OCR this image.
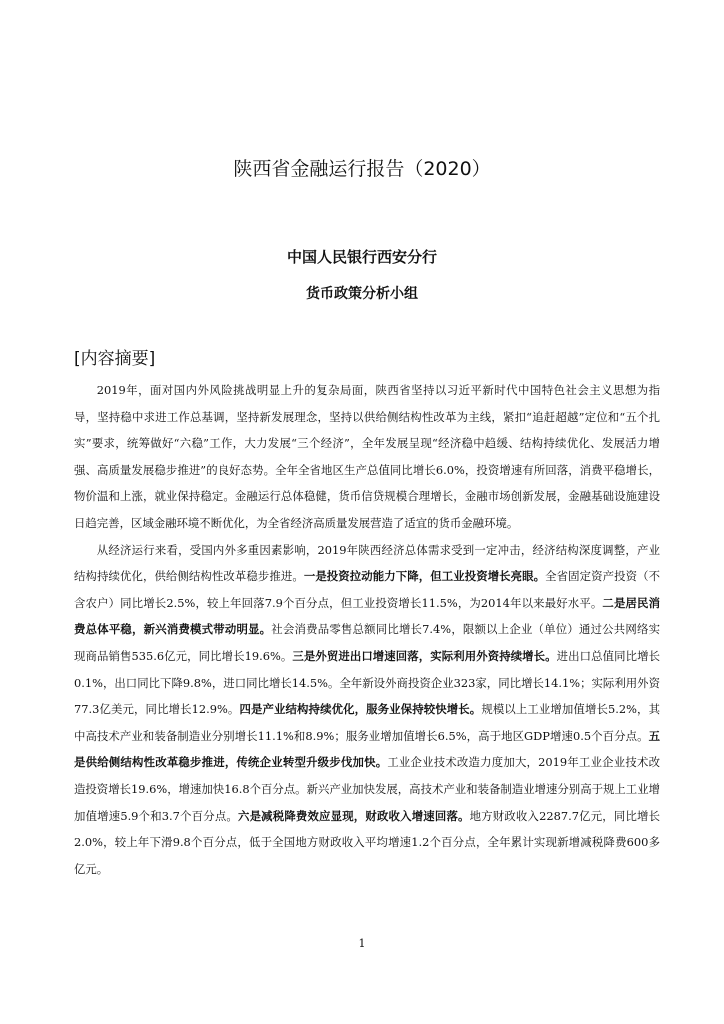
陕西省金融运行报告（2020）

中国人民银行西安分行

货币政策分析小组

[内容摘要]

2019年，面对国内外风险挑战明显上升的复杂局面，陕西省坚持以习近平新时代中国特色社会主义思想为指导，坚持稳中求进工作总基调，坚持新发展理念，坚持以供给侧结构性改革为主线，紧扣“追赶超越”定位和“五个扎实”要求，统筹做好“六稳”工作，大力发展“三个经济”，全年发展呈现“经济稳中趋缓、结构持续优化、发展活力增强、高质量发展稳步推进”的良好态势。全年全省地区生产总值同比增长6.0%，投资增速有所回落，消费平稳增长，物价温和上涨，就业保持稳定。金融运行总体稳健，货币信贷规模合理增长，金融市场创新发展，金融基础设施建设日趋完善，区域金融环境不断优化，为全省经济高质量发展营造了适宜的货币金融环境。

从经济运行来看，受国内外多重因素影响，2019年陕西经济总体需求受到一定冲击，经济结构深度调整，产业结构持续优化，供给侧结构性改革稳步推进。一是投资拉动能力下降，但工业投资增长亮眼。全省固定资产投资（不含农户）同比增长2.5%，较上年回落7.9个百分点，但工业投资增长11.5%，为2014年以来最好水平。二是居民消费总体平稳，新兴消费模式带动明显。社会消费品零售总额同比增长7.4%，限额以上企业（单位）通过公共网络实现商品销售535.6亿元，同比增长19.6%。三是外贸进出口增速回落，实际利用外资持续增长。进出口总值同比增长0.1%，出口同比下降9.8%，进口同比增长14.5%。全年新设外商投资企业323家，同比增长14.1%；实际利用外资77.3亿美元，同比增长12.9%。四是产业结构持续优化，服务业保持较快增长。规模以上工业增加值增长5.2%，其中高技术产业和装备制造业分别增长11.1%和8.9%；服务业增加值增长6.5%，高于地区GDP增速0.5个百分点。五是供给侧结构性改革稳步推进，传统企业转型升级步伐加快。工业企业技术改造力度加大，2019年工业企业技术改造投资增长19.6%，增速加快16.8个百分点。新兴产业加快发展，高技术产业和装备制造业增速分别高于规上工业增加值增速5.9个和3.7个百分点。六是减税降费效应显现，财政收入增速回落。地方财政收入2287.7亿元，同比增长2.0%，较上年下滑9.8个百分点，低于全国地方财政收入平均增速1.2个百分点，全年累计实现新增减税降费600多亿元。

1
